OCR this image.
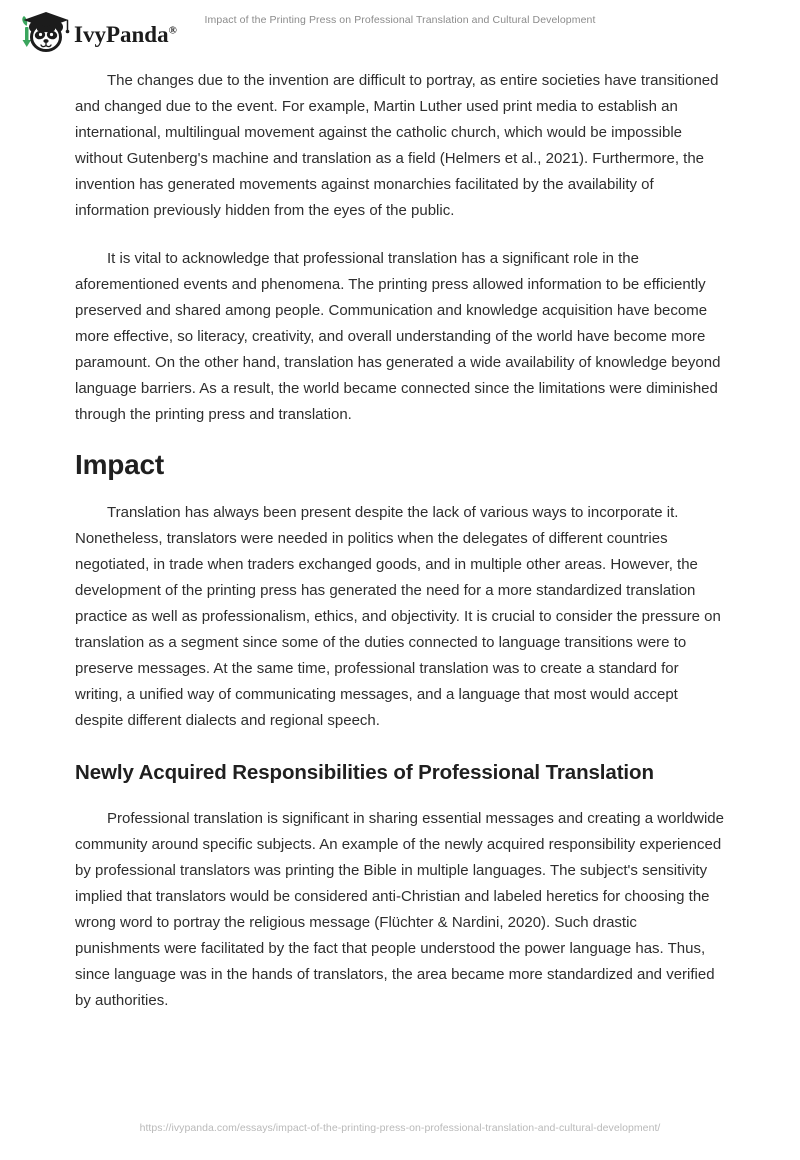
IvyPanda®
Impact of the Printing Press on Professional Translation and Cultural Development

The changes due to the invention are difficult to portray, as entire societies have transitioned and changed due to the event. For example, Martin Luther used print media to establish an international, multilingual movement against the catholic church, which would be impossible without Gutenberg's machine and translation as a field (Helmers et al., 2021). Furthermore, the invention has generated movements against monarchies facilitated by the availability of information previously hidden from the eyes of the public.

It is vital to acknowledge that professional translation has a significant role in the aforementioned events and phenomena. The printing press allowed information to be efficiently preserved and shared among people. Communication and knowledge acquisition have become more effective, so literacy, creativity, and overall understanding of the world have become more paramount. On the other hand, translation has generated a wide availability of knowledge beyond language barriers. As a result, the world became connected since the limitations were diminished through the printing press and translation.

Impact

Translation has always been present despite the lack of various ways to incorporate it. Nonetheless, translators were needed in politics when the delegates of different countries negotiated, in trade when traders exchanged goods, and in multiple other areas. However, the development of the printing press has generated the need for a more standardized translation practice as well as professionalism, ethics, and objectivity. It is crucial to consider the pressure on translation as a segment since some of the duties connected to language transitions were to preserve messages. At the same time, professional translation was to create a standard for writing, a unified way of communicating messages, and a language that most would accept despite different dialects and regional speech.

Newly Acquired Responsibilities of Professional Translation

Professional translation is significant in sharing essential messages and creating a worldwide community around specific subjects. An example of the newly acquired responsibility experienced by professional translators was printing the Bible in multiple languages. The subject's sensitivity implied that translators would be considered anti-Christian and labeled heretics for choosing the wrong word to portray the religious message (Flüchter & Nardini, 2020). Such drastic punishments were facilitated by the fact that people understood the power language has. Thus, since language was in the hands of translators, the area became more standardized and verified by authorities.

https://ivypanda.com/essays/impact-of-the-printing-press-on-professional-translation-and-cultural-development/
